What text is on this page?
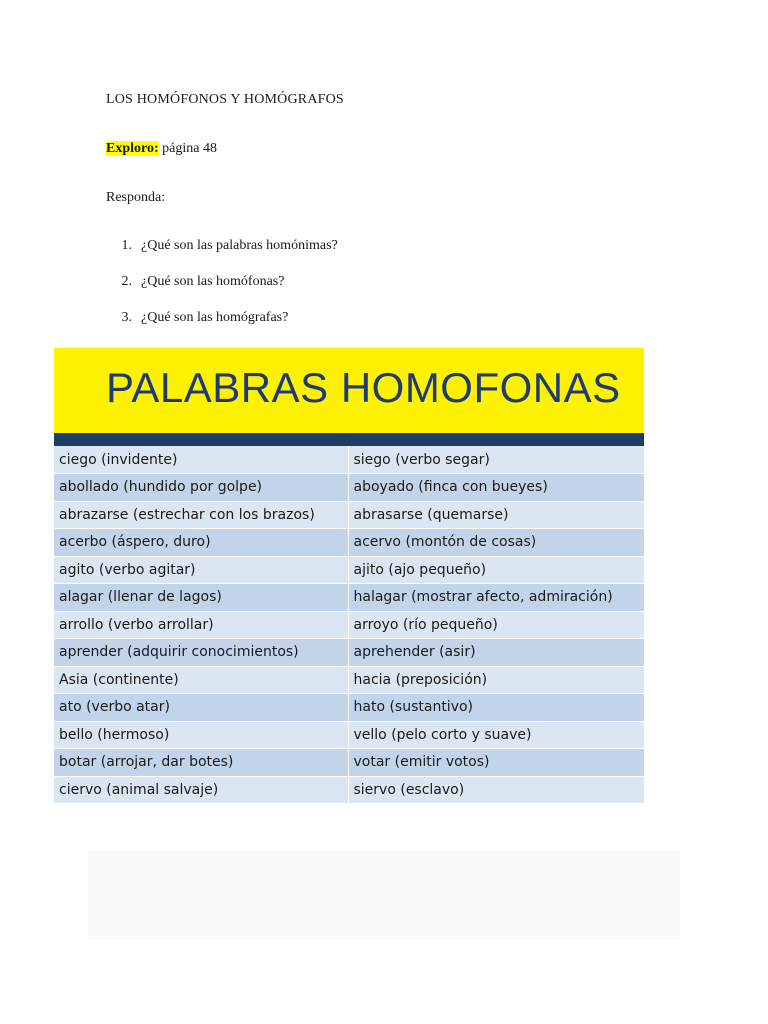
LOS HOMÓFONOS Y HOMÓGRAFOS
Exploro: página 48
Responda:
1. ¿Qué son las palabras homónimas?
2. ¿Qué son las homófonas?
3. ¿Qué son las homógrafas?
PALABRAS HOMOFONAS
ciego (invidente)	siego (verbo segar)
abollado (hundido por golpe)	aboyado (finca con bueyes)
abrazarse (estrechar con los brazos)	abrasarse (quemarse)
acerbo (áspero, duro)	acervo (montón de cosas)
agito (verbo agitar)	ajito (ajo pequeño)
alagar (llenar de lagos)	halagar (mostrar afecto, admiración)
arrollo (verbo arrollar)	arroyo (río pequeño)
aprender (adquirir conocimientos)	aprehender (asir)
Asia (continente)	hacia (preposición)
ato (verbo atar)	hato (sustantivo)
bello (hermoso)	vello (pelo corto y suave)
botar (arrojar, dar botes)	votar (emitir votos)
ciervo (animal salvaje)	siervo (esclavo)
